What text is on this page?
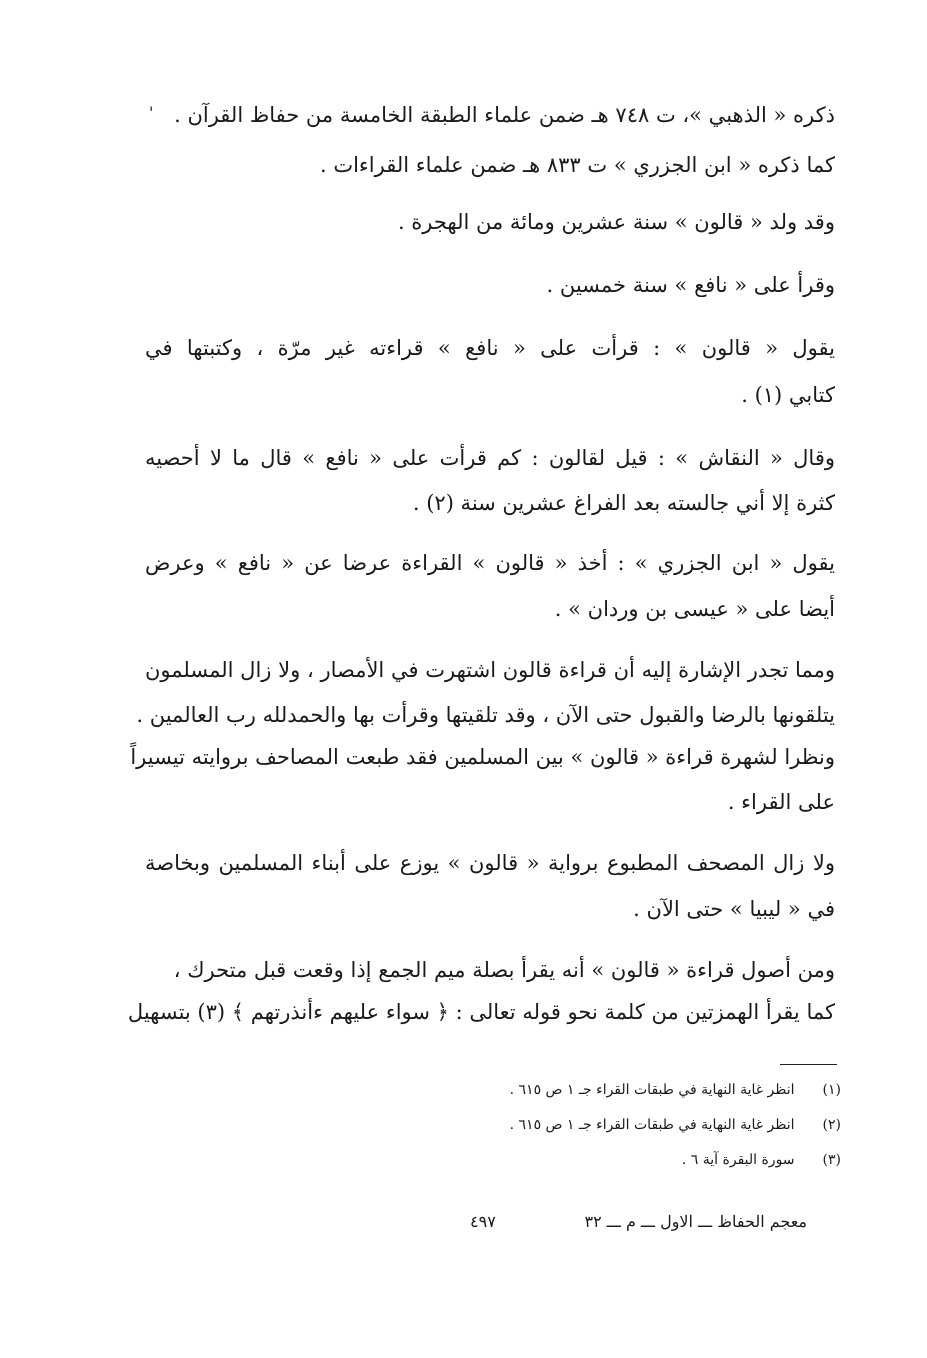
ذكره « الذهبي »، ت ٧٤٨ هـ ضمن علماء الطبقة الخامسة من حفاظ القرآن .
كما ذكره « ابن الجزري » ت ٨٣٣ هـ ضمن علماء القراءات .
وقد ولد « قالون » سنة عشرين ومائة من الهجرة .
وقرأ على « نافع » سنة خمسين .
يقول « قالون » : قرأت على « نافع » قراءته غير مرّة ، وكتبتها في
كتابي (١) .
وقال « النقاش » : قيل لقالون : كم قرأت على « نافع » قال ما لا أحصيه
كثرة إلا أني جالسته بعد الفراغ عشرين سنة (٢) .
يقول « ابن الجزري » : أخذ « قالون » القراءة عرضا عن « نافع » وعرض
أيضا على « عيسى بن وردان » .
ومما تجدر الإشارة إليه أن قراءة قالون اشتهرت في الأمصار ، ولا زال المسلمون
يتلقونها بالرضا والقبول حتى الآن ، وقد تلقيتها وقرأت بها والحمدلله رب العالمين .
ونظرا لشهرة قراءة « قالون » بين المسلمين فقد طبعت المصاحف بروايته تيسيراً
على القراء .
ولا زال المصحف المطبوع برواية « قالون » يوزع على أبناء المسلمين وبخاصة
في « ليبيا » حتى الآن .
ومن أصول قراءة « قالون » أنه يقرأ بصلة ميم الجمع إذا وقعت قبل متحرك ،
كما يقرأ الهمزتين من كلمة نحو قوله تعالى : ﴿ سواء عليهم ءأنذرتهم ﴾ (٣) بتسهيل
'
(١) انظر غاية النهاية في طبقات القراء جـ ١ ص ٦١٥ .
(٢) انظر غاية النهاية في طبقات القراء جـ ١ ص ٦١٥ .
(٣) سورة البقرة آية ٦ .
معجم الحفاظ ـــ الاول ـــ م ـــ ٣٢
٤٩٧
